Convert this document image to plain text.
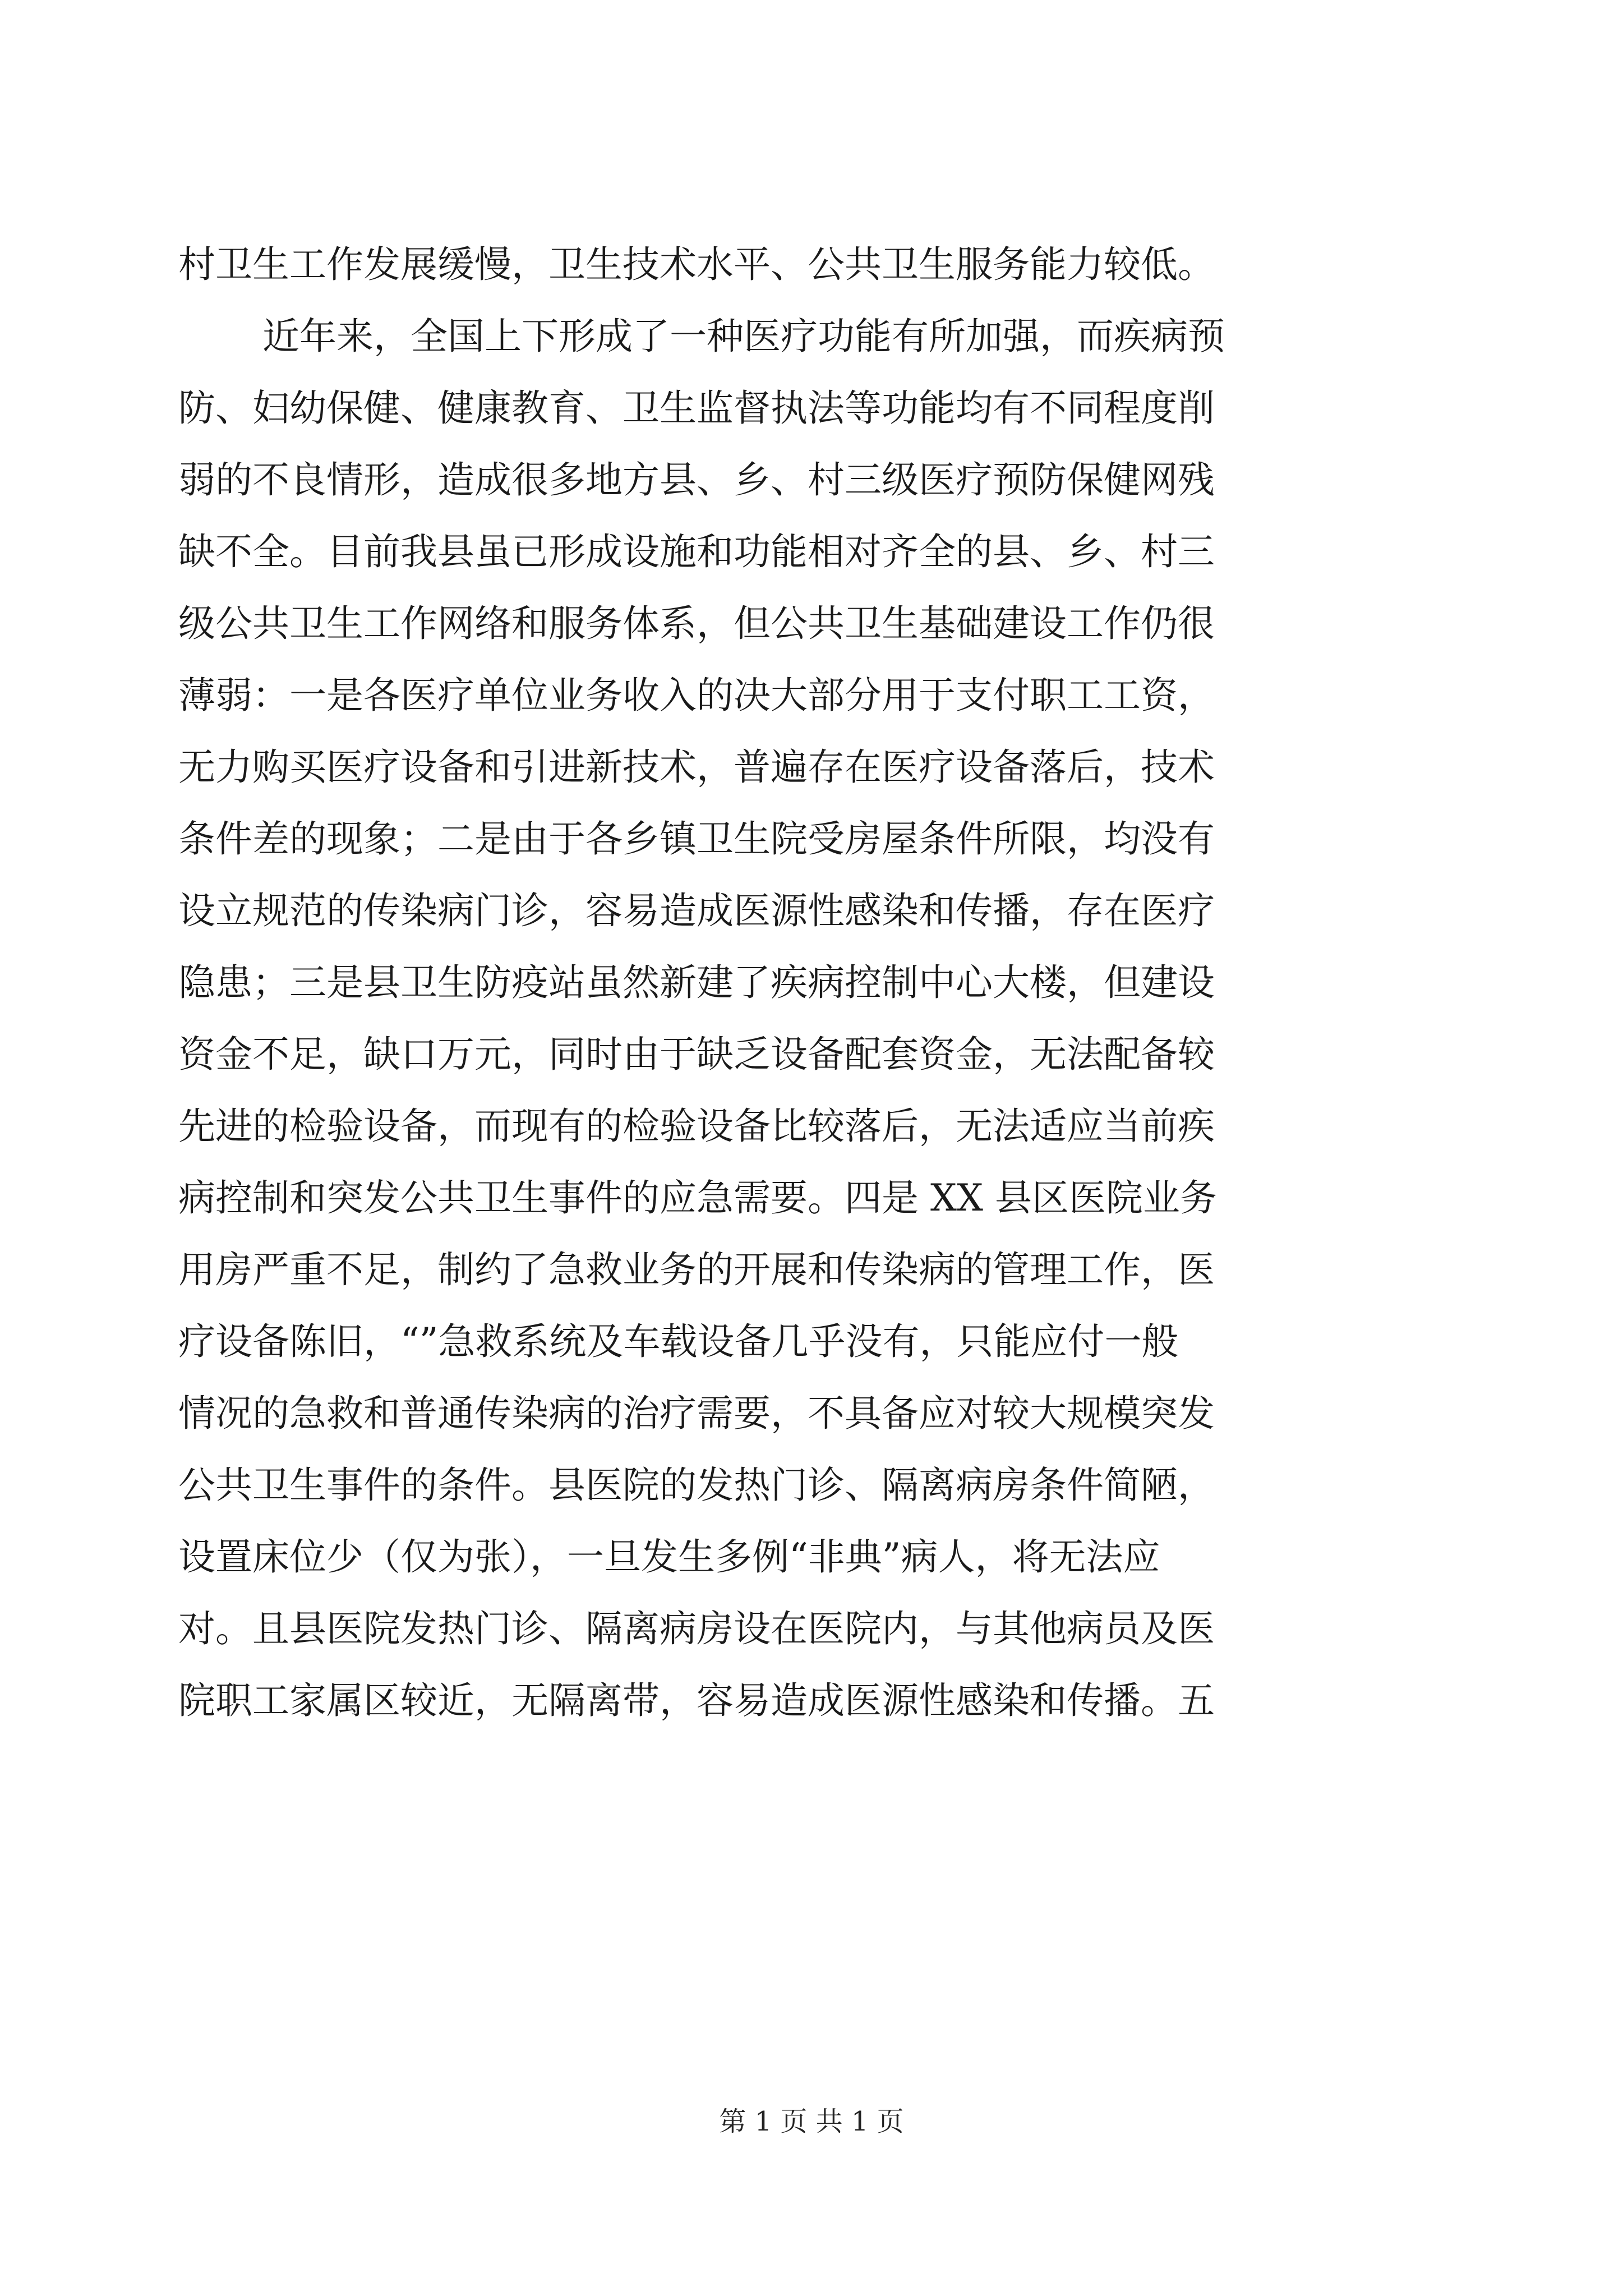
村卫生工作发展缓慢，卫生技术水平、公共卫生服务能力较低。
近年来，全国上下形成了一种医疗功能有所加强，而疾病预
防、妇幼保健、健康教育、卫生监督执法等功能均有不同程度削
弱的不良情形，造成很多地方县、乡、村三级医疗预防保健网残
缺不全。目前我县虽已形成设施和功能相对齐全的县、乡、村三
级公共卫生工作网络和服务体系，但公共卫生基础建设工作仍很
薄弱：一是各医疗单位业务收入的决大部分用于支付职工工资，
无力购买医疗设备和引进新技术，普遍存在医疗设备落后，技术
条件差的现象；二是由于各乡镇卫生院受房屋条件所限，均没有
设立规范的传染病门诊，容易造成医源性感染和传播，存在医疗
隐患；三是县卫生防疫站虽然新建了疾病控制中心大楼，但建设
资金不足，缺口万元，同时由于缺乏设备配套资金，无法配备较
先进的检验设备，而现有的检验设备比较落后，无法适应当前疾
病控制和突发公共卫生事件的应急需要。四是 XX 县区医院业务
用房严重不足，制约了急救业务的开展和传染病的管理工作，医
疗设备陈旧，“”急救系统及车载设备几乎没有，只能应付一般
情况的急救和普通传染病的治疗需要，不具备应对较大规模突发
公共卫生事件的条件。县医院的发热门诊、隔离病房条件简陋，
设置床位少（仅为张），一旦发生多例“非典”病人，将无法应
对。且县医院发热门诊、隔离病房设在医院内，与其他病员及医
院职工家属区较近，无隔离带，容易造成医源性感染和传播。五
第 1 页 共 1 页
